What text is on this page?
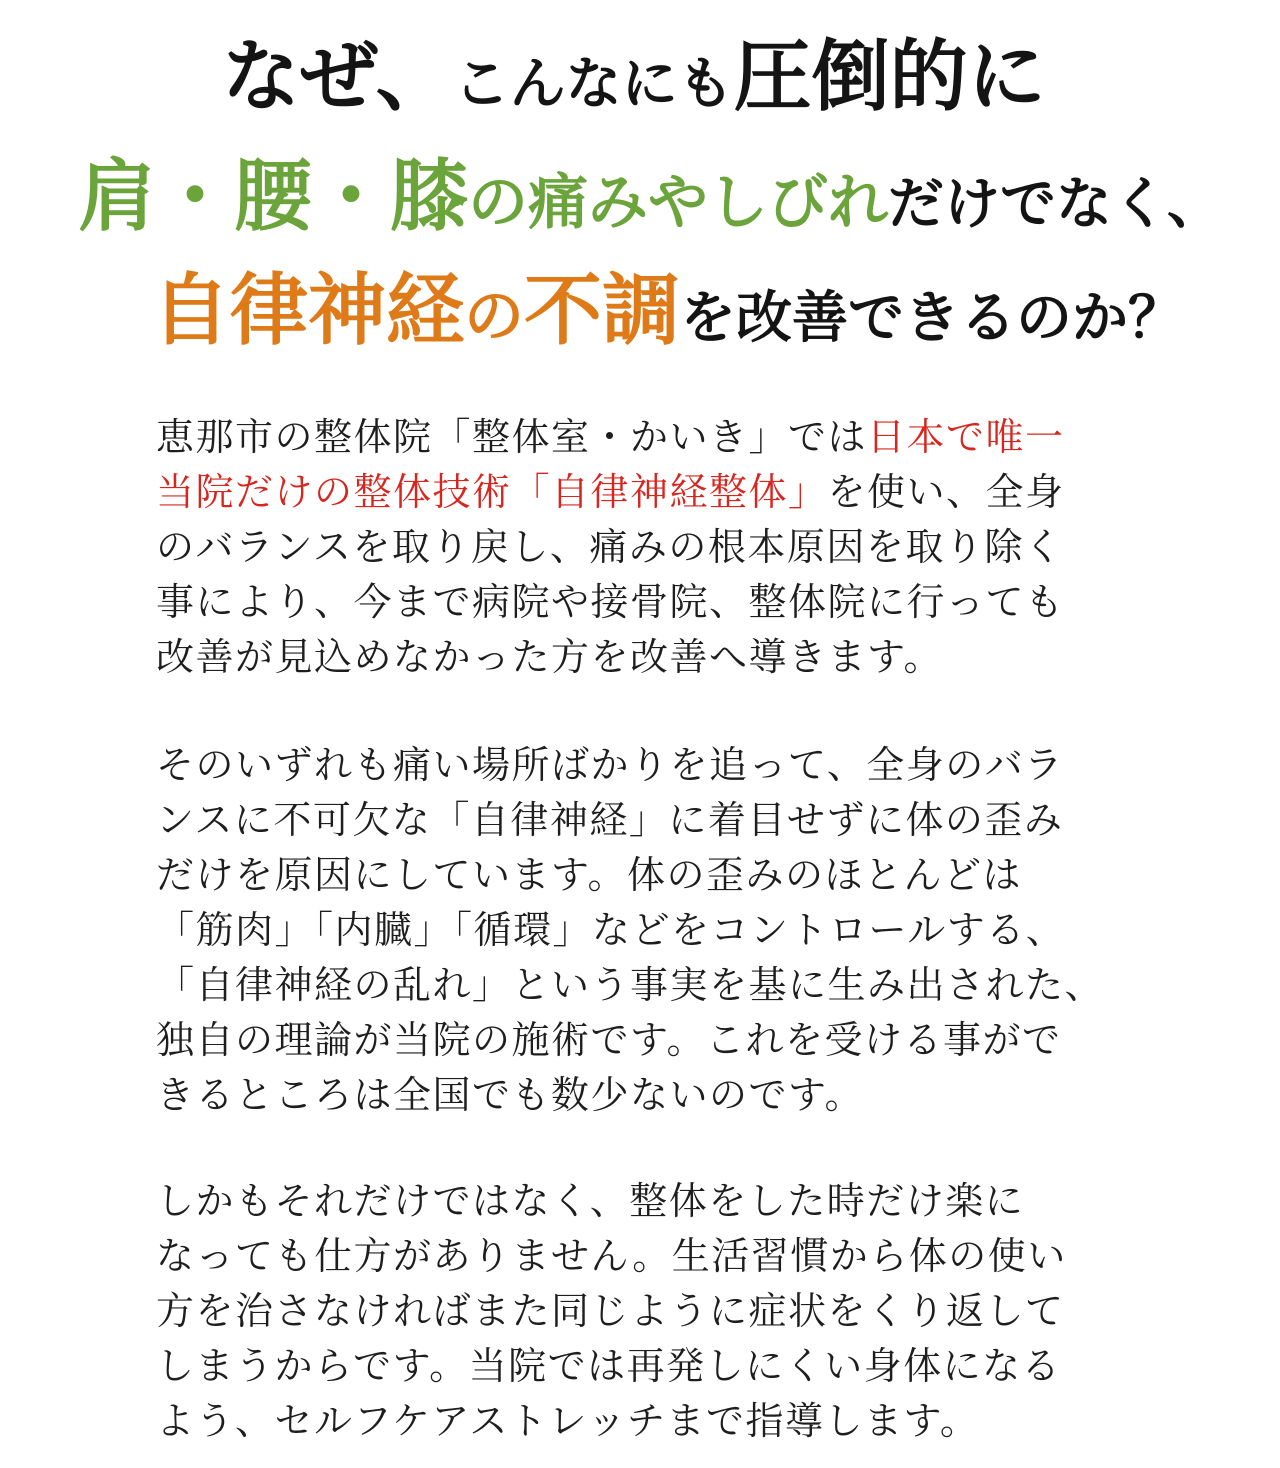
なぜ、こんなにも圧倒的に
肩・腰・膝の痛みやしびれだけでなく、
自律神経の不調を改善できるのか？
恵那市の整体院「整体室・かいき」では日本で唯一
当院だけの整体技術「自律神経整体」を使い、全身
のバランスを取り戻し、痛みの根本原因を取り除く
事により、今まで病院や接骨院、整体院に行っても
改善が見込めなかった方を改善へ導きます。
そのいずれも痛い場所ばかりを追って、全身のバラ
ンスに不可欠な「自律神経」に着目せずに体の歪み
だけを原因にしています。体の歪みのほとんどは
「筋肉」「内臓」「循環」などをコントロールする、
「自律神経の乱れ」という事実を基に生み出された、
独自の理論が当院の施術です。これを受ける事がで
きるところは全国でも数少ないのです。
しかもそれだけではなく、整体をした時だけ楽に
なっても仕方がありません。生活習慣から体の使い
方を治さなければまた同じように症状をくり返して
しまうからです。当院では再発しにくい身体になる
よう、セルフケアストレッチまで指導します。
